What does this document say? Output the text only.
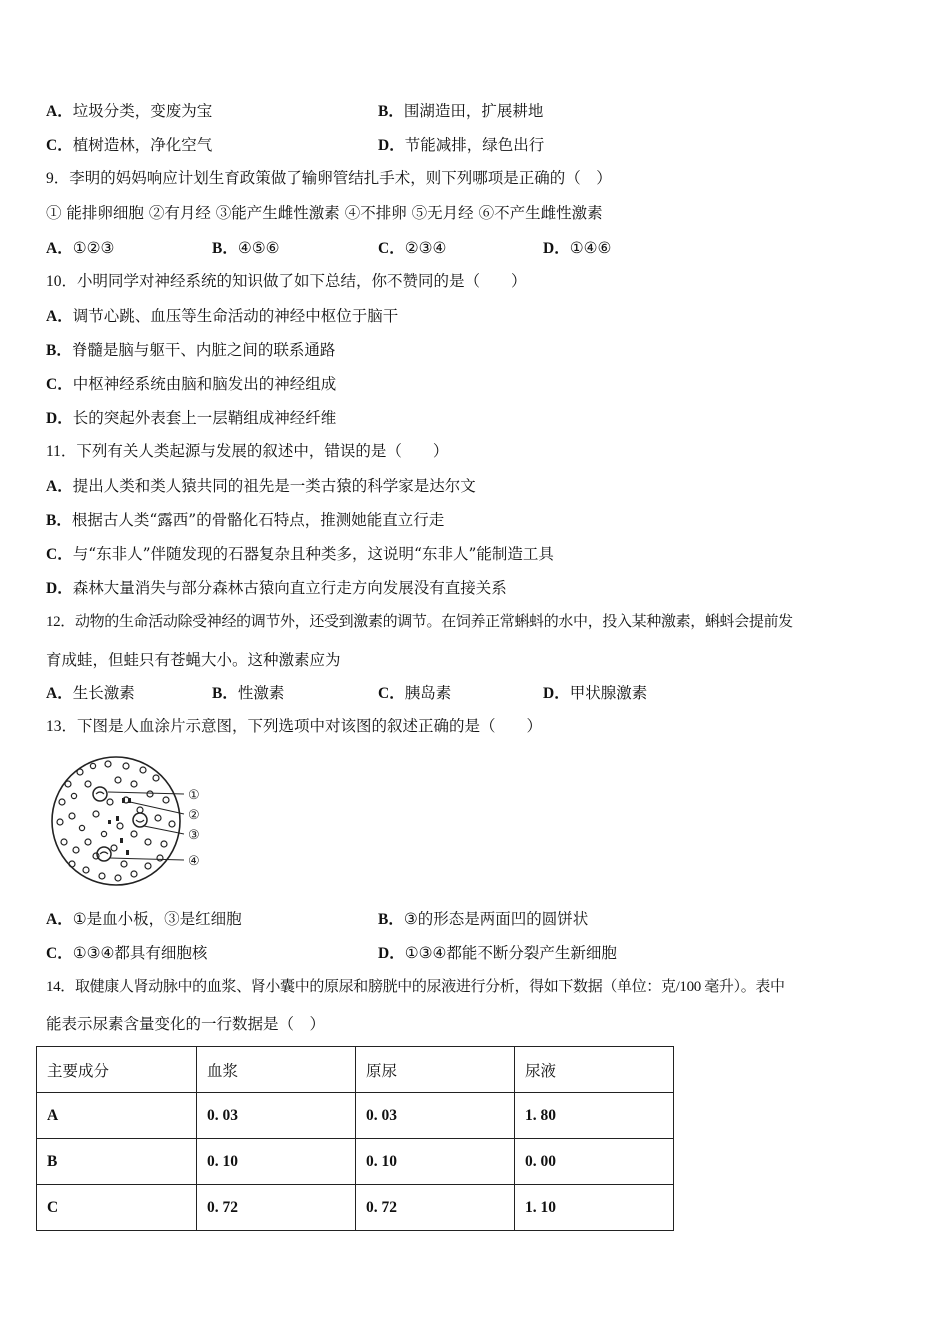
A．垃圾分类，变废为宝	B．围湖造田，扩展耕地
C．植树造林，净化空气	D．节能减排，绿色出行
9．李明的妈妈响应计划生育政策做了输卵管结扎手术，则下列哪项是正确的（　）
① 能排卵细胞 ②有月经 ③能产生雌性激素 ④不排卵 ⑤无月经 ⑥不产生雌性激素
A．①②③	B．④⑤⑥	C．②③④	D．①④⑥
10．小明同学对神经系统的知识做了如下总结，你不赞同的是（　　）
A．调节心跳、血压等生命活动的神经中枢位于脑干
B．脊髓是脑与躯干、内脏之间的联系通路
C．中枢神经系统由脑和脑发出的神经组成
D．长的突起外表套上一层鞘组成神经纤维
11．下列有关人类起源与发展的叙述中，错误的是（　　）
A．提出人类和类人猿共同的祖先是一类古猿的科学家是达尔文
B．根据古人类“露西”的骨骼化石特点，推测她能直立行走
C．与“东非人”伴随发现的石器复杂且种类多，这说明“东非人”能制造工具
D．森林大量消失与部分森林古猿向直立行走方向发展没有直接关系
12．动物的生命活动除受神经的调节外，还受到激素的调节。在饲养正常蝌蚪的水中，投入某种激素，蝌蚪会提前发
育成蛙，但蛙只有苍蝇大小。这种激素应为
A．生长激素	B．性激素	C．胰岛素	D．甲状腺激素
13．下图是人血涂片示意图，下列选项中对该图的叙述正确的是（　　）
①
②
③
④
A．①是血小板，③是红细胞	B．③的形态是两面凹的圆饼状
C．①③④都具有细胞核	D．①③④都能不断分裂产生新细胞
14．取健康人肾动脉中的血浆、肾小囊中的原尿和膀胱中的尿液进行分析，得如下数据（单位：克/100 毫升）。表中
能表示尿素含量变化的一行数据是（　）
主要成分	血浆	原尿	尿液
A	0. 03	0. 03	1. 80
B	0. 10	0. 10	0. 00
C	0. 72	0. 72	1. 10
